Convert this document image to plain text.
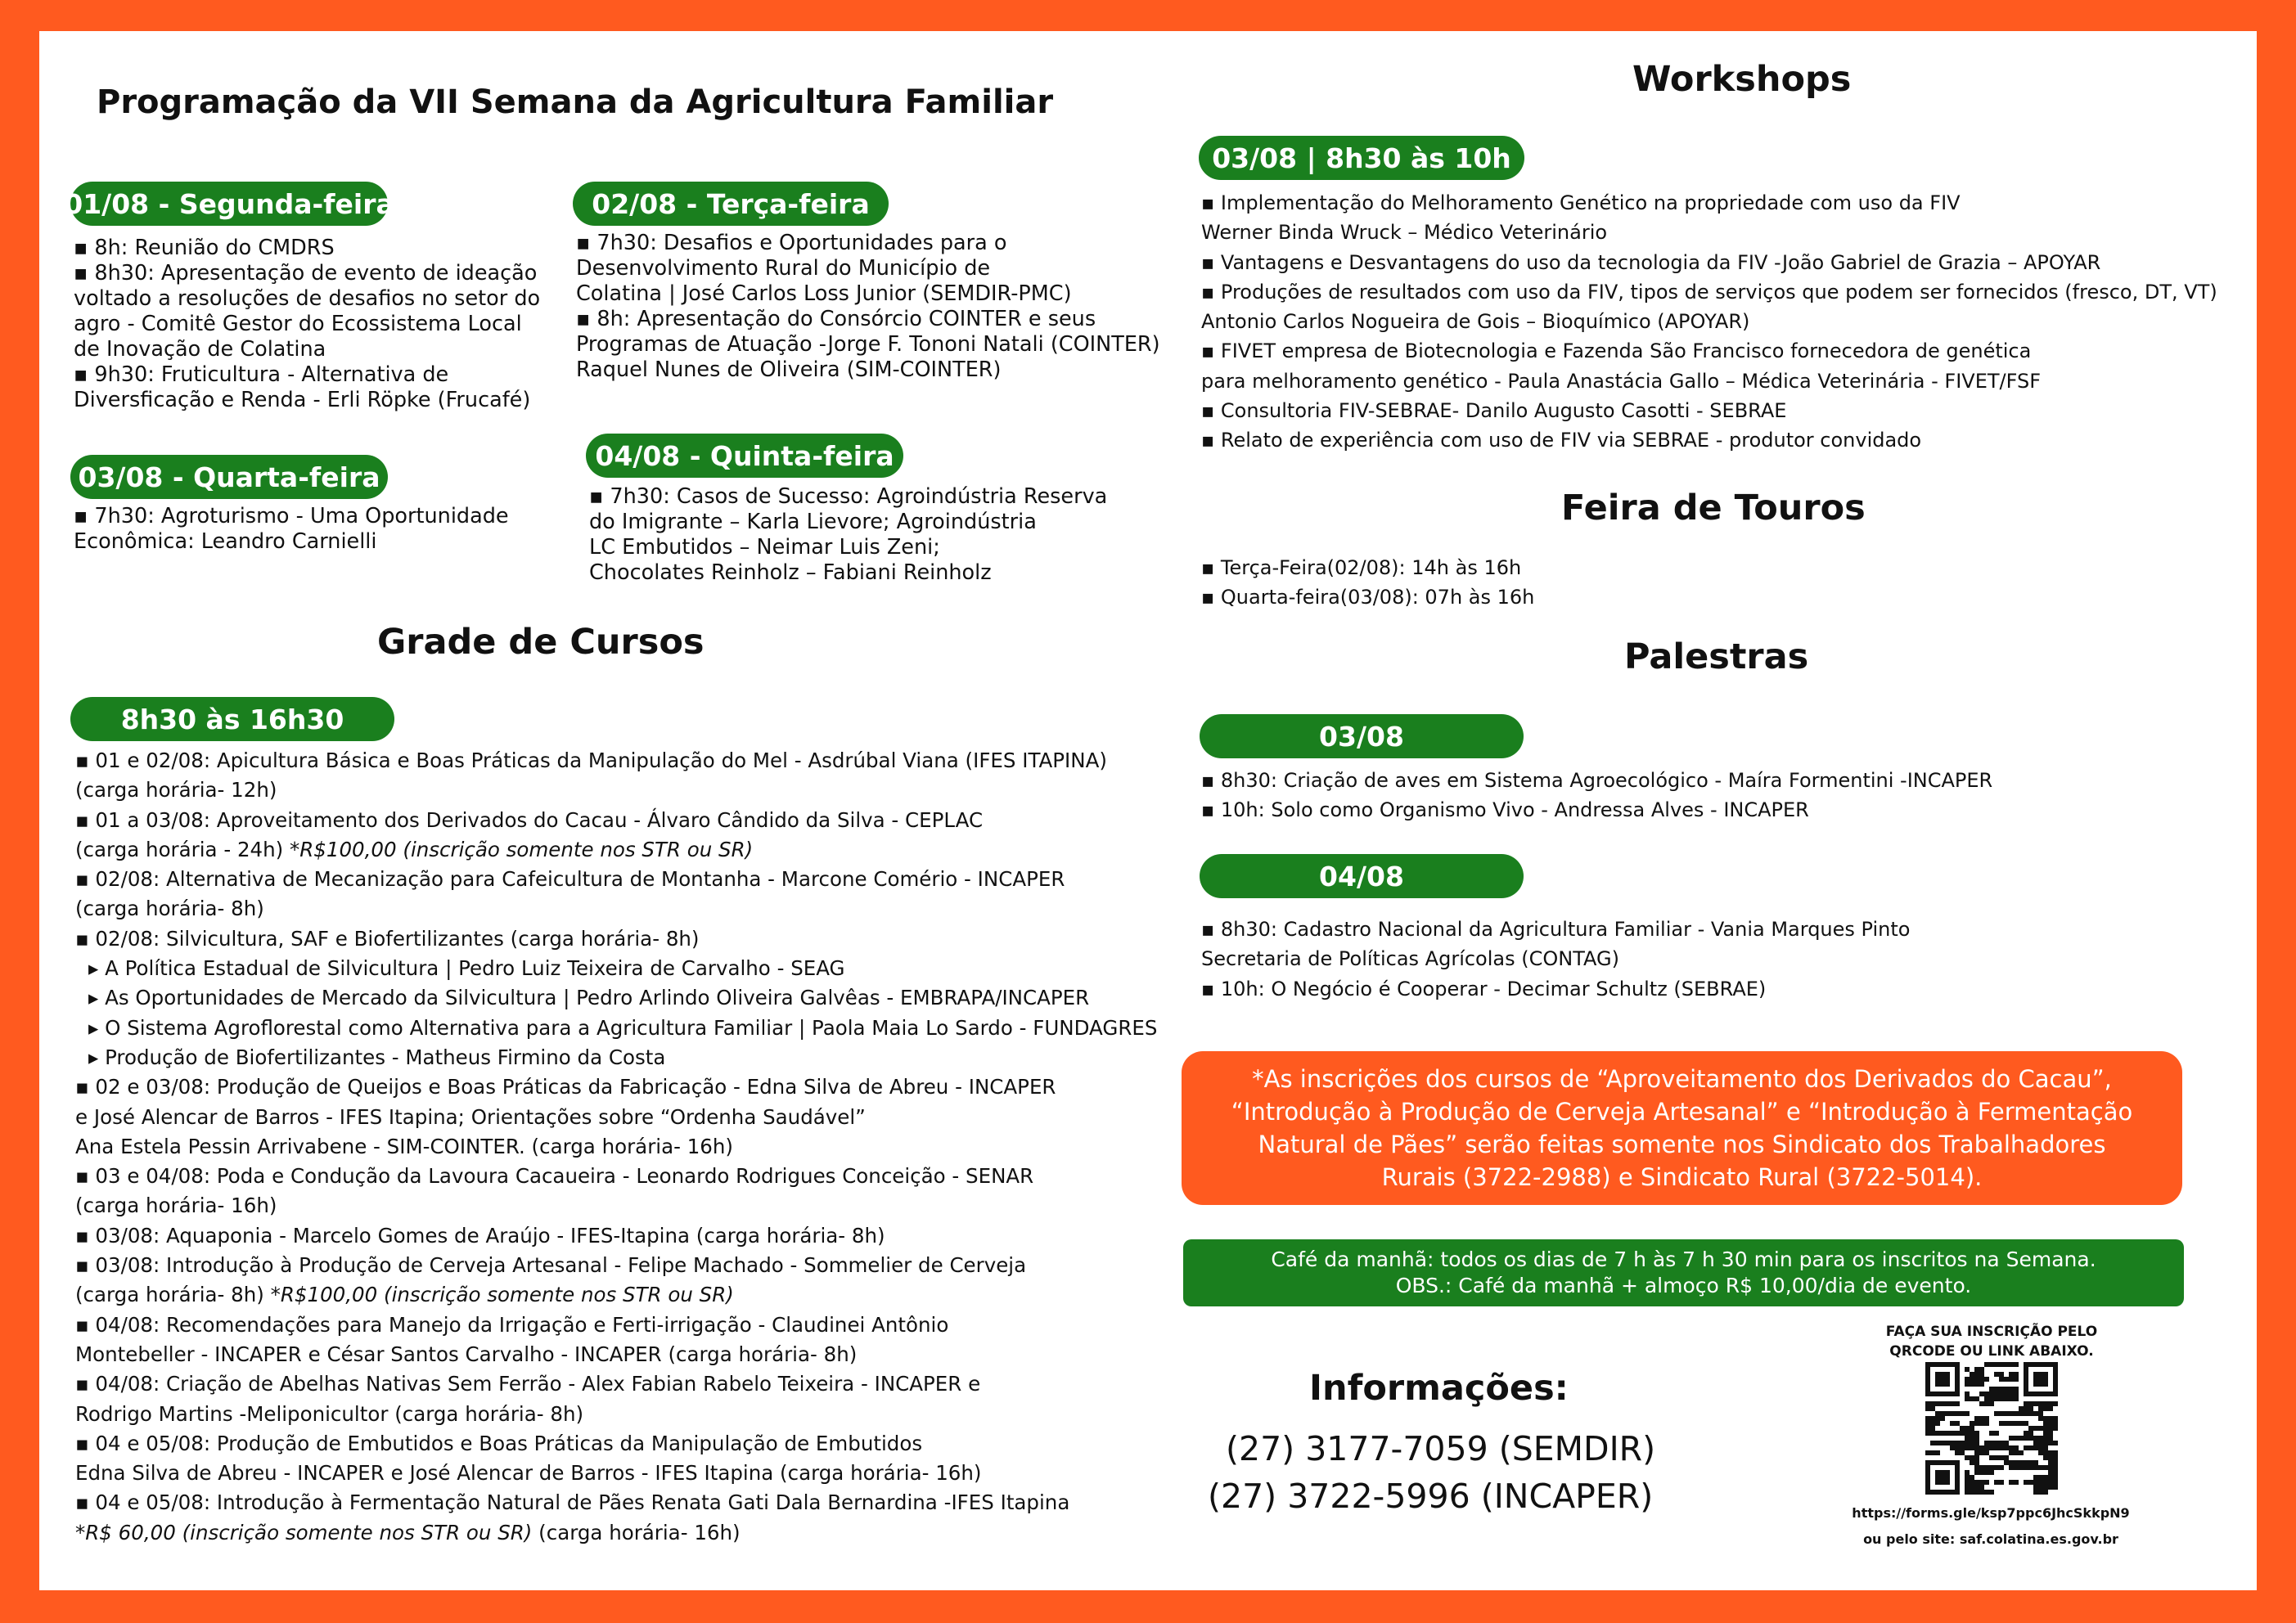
Programação da VII Semana da Agricultura Familiar
01/08 - Segunda-feira
▪ 8h: Reunião do CMDRS
▪ 8h30: Apresentação de evento de ideação
voltado a resoluções de desafios no setor do
agro - Comitê Gestor do Ecossistema Local
de Inovação de Colatina
▪ 9h30: Fruticultura - Alternativa de
Diversficação e Renda - Erli Röpke (Frucafé)
02/08 - Terça-feira
▪ 7h30: Desafios e Oportunidades para o
Desenvolvimento Rural do Município de
Colatina | José Carlos Loss Junior (SEMDIR-PMC)
▪ 8h: Apresentação do Consórcio COINTER e seus
Programas de Atuação -Jorge F. Tononi Natali (COINTER)
Raquel Nunes de Oliveira (SIM-COINTER)
03/08 - Quarta-feira
▪ 7h30: Agroturismo - Uma Oportunidade
Econômica: Leandro Carnielli
04/08 - Quinta-feira
▪ 7h30: Casos de Sucesso: Agroindústria Reserva
do Imigrante – Karla Lievore; Agroindústria
LC Embutidos – Neimar Luis Zeni;
Chocolates Reinholz – Fabiani Reinholz
Grade de Cursos
8h30 às 16h30
▪ 01 e 02/08: Apicultura Básica e Boas Práticas da Manipulação do Mel - Asdrúbal Viana (IFES ITAPINA)
(carga horária- 12h)
▪ 01 a 03/08: Aproveitamento dos Derivados do Cacau - Álvaro Cândido da Silva - CEPLAC
(carga horária - 24h) *R$100,00 (inscrição somente nos STR ou SR)
▪ 02/08: Alternativa de Mecanização para Cafeicultura de Montanha - Marcone Comério - INCAPER
(carga horária- 8h)
▪ 02/08: Silvicultura, SAF e Biofertilizantes (carga horária- 8h)
▸ A Política Estadual de Silvicultura | Pedro Luiz Teixeira de Carvalho - SEAG
▸ As Oportunidades de Mercado da Silvicultura | Pedro Arlindo Oliveira Galvêas - EMBRAPA/INCAPER
▸ O Sistema Agroflorestal como Alternativa para a Agricultura Familiar | Paola Maia Lo Sardo - FUNDAGRES
▸ Produção de Biofertilizantes - Matheus Firmino da Costa
▪ 02 e 03/08: Produção de Queijos e Boas Práticas da Fabricação - Edna Silva de Abreu - INCAPER
e José Alencar de Barros - IFES Itapina; Orientações sobre “Ordenha Saudável”
Ana Estela Pessin Arrivabene - SIM-COINTER. (carga horária- 16h)
▪ 03 e 04/08: Poda e Condução da Lavoura Cacaueira - Leonardo Rodrigues Conceição - SENAR
(carga horária- 16h)
▪ 03/08: Aquaponia - Marcelo Gomes de Araújo - IFES-Itapina (carga horária- 8h)
▪ 03/08: Introdução à Produção de Cerveja Artesanal - Felipe Machado - Sommelier de Cerveja
(carga horária- 8h) *R$100,00 (inscrição somente nos STR ou SR)
▪ 04/08: Recomendações para Manejo da Irrigação e Ferti-irrigação - Claudinei Antônio
Montebeller - INCAPER e César Santos Carvalho - INCAPER (carga horária- 8h)
▪ 04/08: Criação de Abelhas Nativas Sem Ferrão - Alex Fabian Rabelo Teixeira - INCAPER e
Rodrigo Martins -Meliponicultor (carga horária- 8h)
▪ 04 e 05/08: Produção de Embutidos e Boas Práticas da Manipulação de Embutidos
Edna Silva de Abreu - INCAPER e José Alencar de Barros - IFES Itapina (carga horária- 16h)
▪ 04 e 05/08: Introdução à Fermentação Natural de Pães Renata Gati Dala Bernardina -IFES Itapina
*R$ 60,00 (inscrição somente nos STR ou SR) (carga horária- 16h)
Workshops
03/08 | 8h30 às 10h
▪ Implementação do Melhoramento Genético na propriedade com uso da FIV
Werner Binda Wruck – Médico Veterinário
▪ Vantagens e Desvantagens do uso da tecnologia da FIV -João Gabriel de Grazia – APOYAR
▪ Produções de resultados com uso da FIV, tipos de serviços que podem ser fornecidos (fresco, DT, VT)
Antonio Carlos Nogueira de Gois – Bioquímico (APOYAR)
▪ FIVET empresa de Biotecnologia e Fazenda São Francisco fornecedora de genética
para melhoramento genético - Paula Anastácia Gallo – Médica Veterinária - FIVET/FSF
▪ Consultoria FIV-SEBRAE- Danilo Augusto Casotti - SEBRAE
▪ Relato de experiência com uso de FIV via SEBRAE - produtor convidado
Feira de Touros
▪ Terça-Feira(02/08): 14h às 16h
▪ Quarta-feira(03/08): 07h às 16h
Palestras
03/08
▪ 8h30: Criação de aves em Sistema Agroecológico - Maíra Formentini -INCAPER
▪ 10h: Solo como Organismo Vivo - Andressa Alves - INCAPER
04/08
▪ 8h30: Cadastro Nacional da Agricultura Familiar - Vania Marques Pinto
Secretaria de Políticas Agrícolas (CONTAG)
▪ 10h: O Negócio é Cooperar - Decimar Schultz (SEBRAE)
*As inscrições dos cursos de “Aproveitamento dos Derivados do Cacau”,
“Introdução à Produção de Cerveja Artesanal” e “Introdução à Fermentação
Natural de Pães” serão feitas somente nos Sindicato dos Trabalhadores
Rurais (3722-2988) e Sindicato Rural (3722-5014).
Café da manhã: todos os dias de 7 h às 7 h 30 min para os inscritos na Semana.
OBS.: Café da manhã + almoço R$ 10,00/dia de evento.
Informações:
(27) 3177-7059 (SEMDIR)
(27) 3722-5996 (INCAPER)
FAÇA SUA INSCRIÇÃO PELO
QRCODE OU LINK ABAIXO.
https://forms.gle/ksp7ppc6JhcSkkpN9
ou pelo site: saf.colatina.es.gov.br
